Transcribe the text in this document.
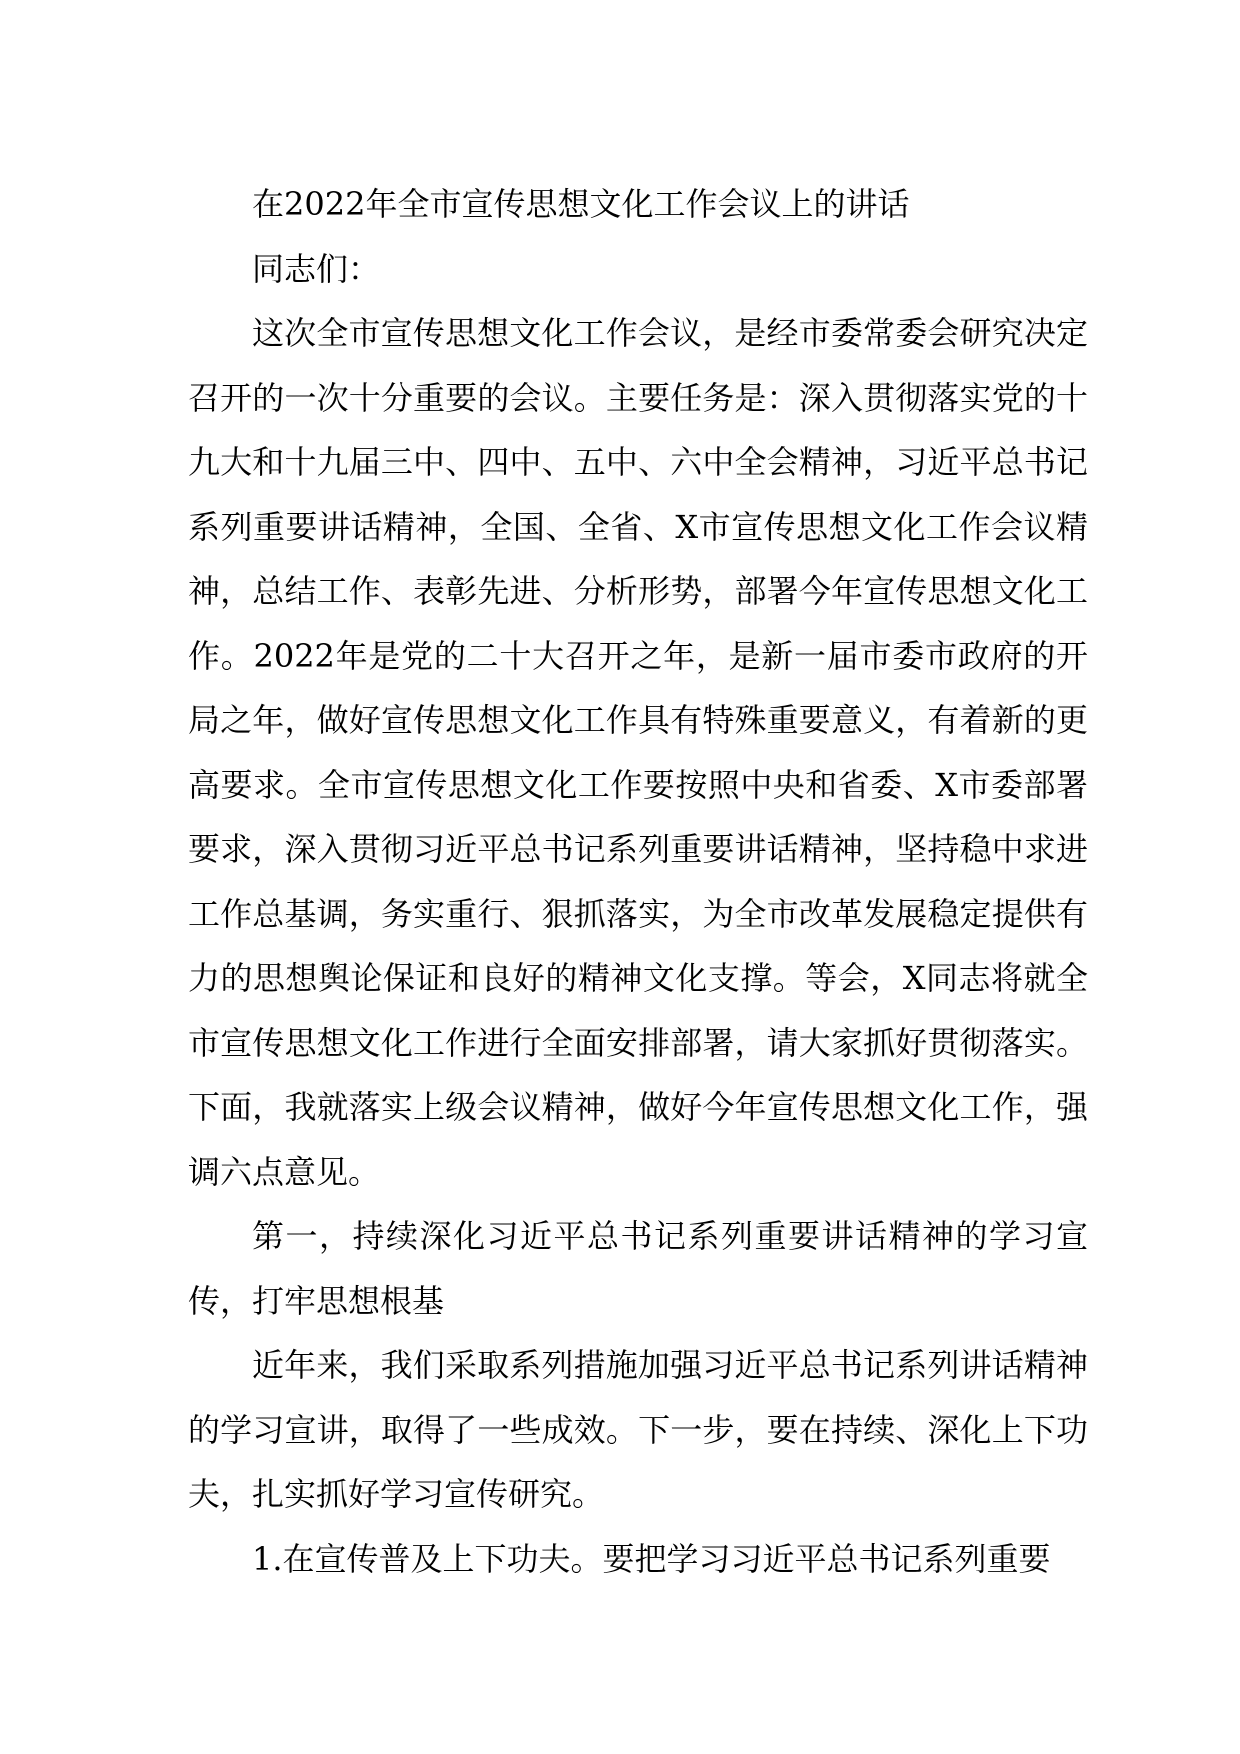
在2022年全市宣传思想文化工作会议上的讲话

同志们：

这次全市宣传思想文化工作会议，是经市委常委会研究决定召开的一次十分重要的会议。主要任务是：深入贯彻落实党的十九大和十九届三中、四中、五中、六中全会精神，习近平总书记系列重要讲话精神，全国、全省、X市宣传思想文化工作会议精神，总结工作、表彰先进、分析形势，部署今年宣传思想文化工作。2022年是党的二十大召开之年，是新一届市委市政府的开局之年，做好宣传思想文化工作具有特殊重要意义，有着新的更高要求。全市宣传思想文化工作要按照中央和省委、X市委部署要求，深入贯彻习近平总书记系列重要讲话精神，坚持稳中求进工作总基调，务实重行、狠抓落实，为全市改革发展稳定提供有力的思想舆论保证和良好的精神文化支撑。等会，X同志将就全市宣传思想文化工作进行全面安排部署，请大家抓好贯彻落实。下面，我就落实上级会议精神，做好今年宣传思想文化工作，强调六点意见。

第一，持续深化习近平总书记系列重要讲话精神的学习宣传，打牢思想根基

近年来，我们采取系列措施加强习近平总书记系列讲话精神的学习宣讲，取得了一些成效。下一步，要在持续、深化上下功夫，扎实抓好学习宣传研究。

1.在宣传普及上下功夫。要把学习习近平总书记系列重要
